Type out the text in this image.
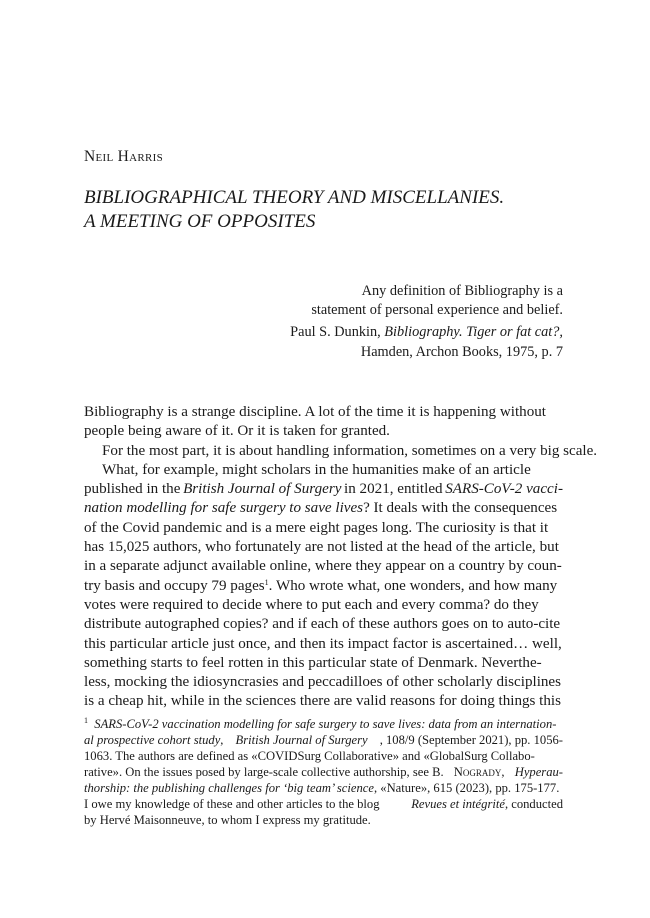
Neil Harris
BIBLIOGRAPHICAL THEORY AND MISCELLANIES.
A MEETING OF OPPOSITES
Any definition of Bibliography is a
statement of personal experience and belief.
Paul S. Dunkin, Bibliography. Tiger or fat cat?,
Hamden, Archon Books, 1975, p. 7
Bibliography is a strange discipline. A lot of the time it is happening without
people being aware of it. Or it is taken for granted.
For the most part, it is about handling information, sometimes on a very big scale.
What, for example, might scholars in the humanities make of an article
published in the British Journal of Surgery in 2021, entitled SARS-CoV-2 vacci-
nation modelling for safe surgery to save lives? It deals with the consequences
of the Covid pandemic and is a mere eight pages long. The curiosity is that it
has 15,025 authors, who fortunately are not listed at the head of the article, but
in a separate adjunct available online, where they appear on a country by coun-
try basis and occupy 79 pages$^1$. Who wrote what, one wonders, and how many
votes were required to decide where to put each and every comma? do they
distribute autographed copies? and if each of these authors goes on to auto-cite
this particular article just once, and then its impact factor is ascertained… well,
something starts to feel rotten in this particular state of Denmark. Neverthe-
less, mocking the idiosyncrasies and peccadilloes of other scholarly disciplines
is a cheap hit, while in the sciences there are valid reasons for doing things this
$^1$ SARS-CoV-2 vaccination modelling for safe surgery to save lives: data from an internation-
al prospective cohort study, British Journal of Surgery , 108/9 (September 2021), pp. 1056-
1063. The authors are defined as «COVIDSurg Collaborative» and «GlobalSurg Collabo-
rative». On the issues posed by large-scale collective authorship, see B. Nogrady, Hyperau-
thorship: the publishing challenges for ‘big team’ science, «Nature», 615 (2023), pp. 175-177.
I owe my knowledge of these and other articles to the blog	Revues et intégrité, conducted
by Hervé Maisonneuve, to whom I express my gratitude.
